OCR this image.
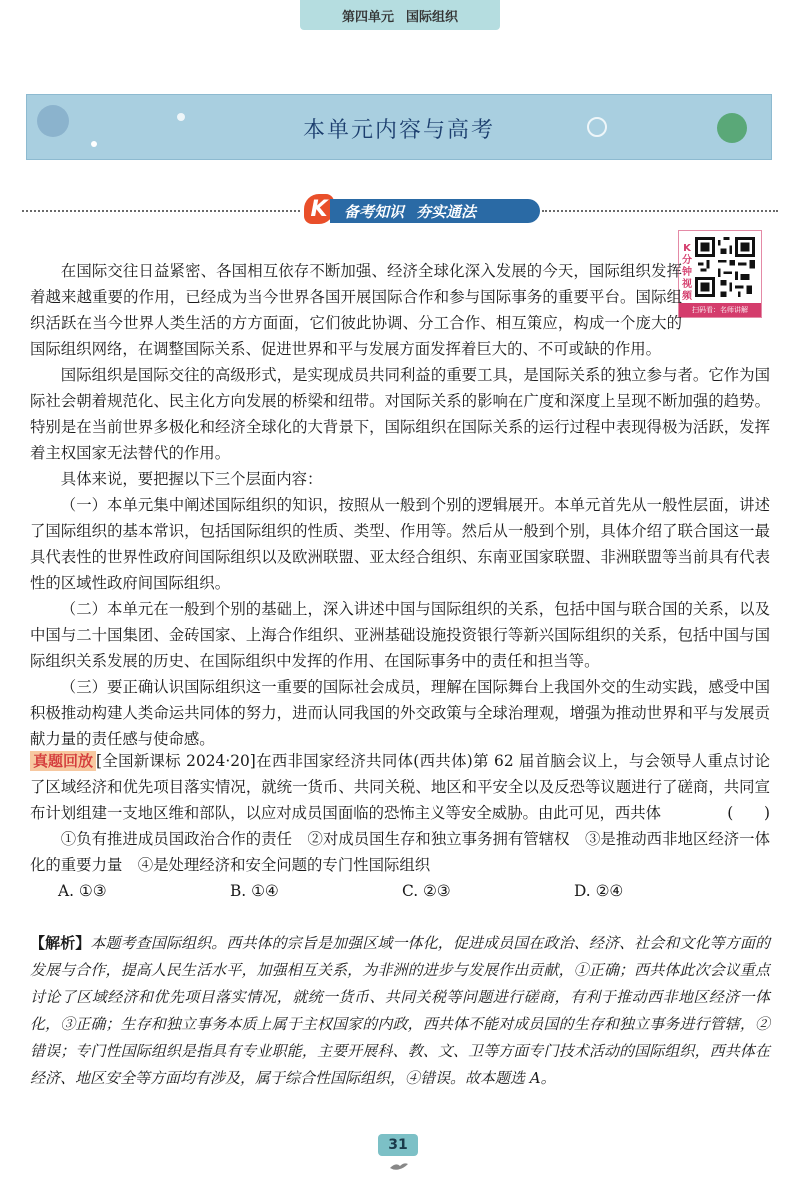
第四单元 国际组织
本单元内容与高考
K	备考知识 夯实通法
K分钟视频
扫码看：名师讲解

在国际交往日益紧密、各国相互依存不断加强、经济全球化深入发展的今天，国际组织发挥着越来越重要的作用，已经成为当今世界各国开展国际合作和参与国际事务的重要平台。国际组织活跃在当今世界人类生活的方方面面，它们彼此协调、分工合作、相互策应，构成一个庞大的国际组织网络，在调整国际关系、促进世界和平与发展方面发挥着巨大的、不可或缺的作用。

国际组织是国际交往的高级形式，是实现成员共同利益的重要工具，是国际关系的独立参与者。它作为国际社会朝着规范化、民主化方向发展的桥梁和纽带。对国际关系的影响在广度和深度上呈现不断加强的趋势。特别是在当前世界多极化和经济全球化的大背景下，国际组织在国际关系的运行过程中表现得极为活跃，发挥着主权国家无法替代的作用。

具体来说，要把握以下三个层面内容：

（一）本单元集中阐述国际组织的知识，按照从一般到个别的逻辑展开。本单元首先从一般性层面，讲述了国际组织的基本常识，包括国际组织的性质、类型、作用等。然后从一般到个别，具体介绍了联合国这一最具代表性的世界性政府间国际组织以及欧洲联盟、亚太经合组织、东南亚国家联盟、非洲联盟等当前具有代表性的区域性政府间国际组织。

（二）本单元在一般到个别的基础上，深入讲述中国与国际组织的关系，包括中国与联合国的关系，以及中国与二十国集团、金砖国家、上海合作组织、亚洲基础设施投资银行等新兴国际组织的关系，包括中国与国际组织关系发展的历史、在国际组织中发挥的作用、在国际事务中的责任和担当等。

（三）要正确认识国际组织这一重要的国际社会成员，理解在国际舞台上我国外交的生动实践，感受中国积极推动构建人类命运共同体的努力，进而认同我国的外交政策与全球治理观，增强为推动世界和平与发展贡献力量的责任感与使命感。

真题回放 [全国新课标 2024·20]在西非国家经济共同体(西共体)第 62 届首脑会议上，与会领导人重点讨论了区域经济和优先项目落实情况，就统一货币、共同关税、地区和平安全以及反恐等议题进行了磋商，共同宣布计划组建一支地区维和部队，以应对成员国面临的恐怖主义等安全威胁。由此可见，西共体	(　　)

①负有推进成员国政治合作的责任　②对成员国生存和独立事务拥有管辖权　③是推动西非地区经济一体化的重要力量　④是处理经济和安全问题的专门性国际组织

A. ①③	B. ①④	C. ②③	D. ②④
【解析】本题考查国际组织。西共体的宗旨是加强区域一体化，促进成员国在政治、经济、社会和文化等方面的发展与合作，提高人民生活水平，加强相互关系，为非洲的进步与发展作出贡献，①正确；西共体此次会议重点讨论了区域经济和优先项目落实情况，就统一货币、共同关税等问题进行磋商，有利于推动西非地区经济一体化，③正确；生存和独立事务本质上属于主权国家的内政，西共体不能对成员国的生存和独立事务进行管辖，②错误；专门性国际组织是指具有专业职能，主要开展科、教、文、卫等方面专门技术活动的国际组织，西共体在经济、地区安全等方面均有涉及，属于综合性国际组织，④错误。故本题选 A。
31
